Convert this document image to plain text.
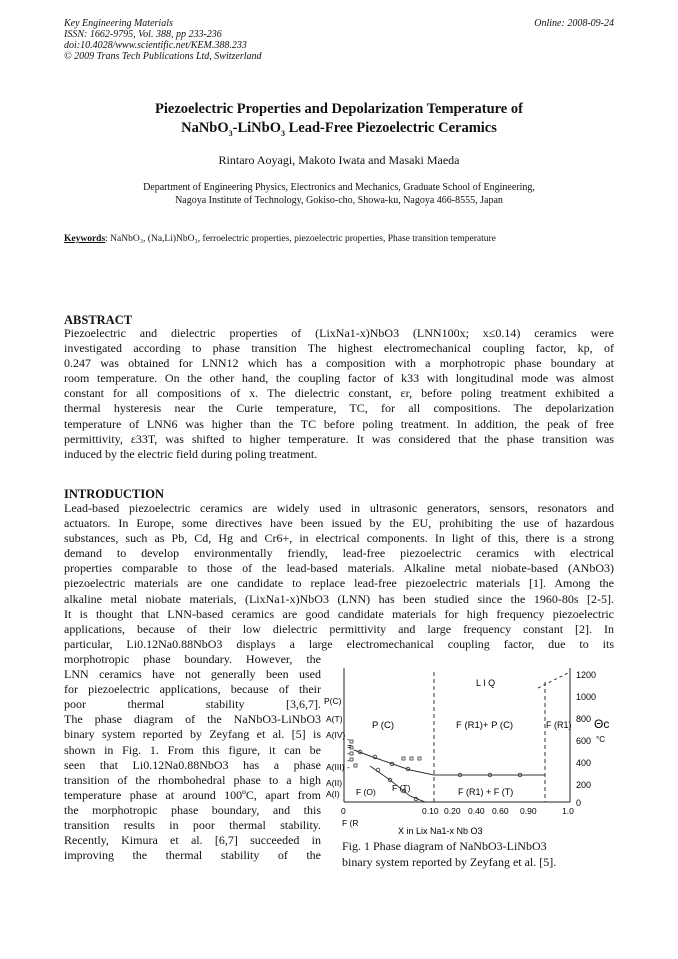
Key Engineering Materials
ISSN: 1662-9795, Vol. 388, pp 233-236
doi:10.4028/www.scientific.net/KEM.388.233
© 2009 Trans Tech Publications Ltd, Switzerland
Online: 2008-09-24
Piezoelectric Properties and Depolarization Temperature of
NaNbO$_3$-LiNbO$_3$ Lead-Free Piezoelectric Ceramics
Rintaro Aoyagi, Makoto Iwata and Masaki Maeda
Department of Engineering Physics, Electronics and Mechanics, Graduate School of Engineering,
Nagoya Institute of Technology, Gokiso-cho, Showa-ku, Nagoya 466-8555, Japan
Keywords: NaNbO₃, (Na,Li)NbO₃, ferroelectric properties, piezoelectric properties, Phase transition temperature
ABSTRACT
Piezoelectric and dielectric properties of (LixNa1-x)NbO3 (LNN100x; x≤0.14) ceramics were
investigated according to phase transition The highest electromechanical coupling factor, kp, of
0.247 was obtained for LNN12 which has a composition with a morphotropic phase boundary at
room temperature. On the other hand, the coupling factor of k33 with longitudinal mode was almost
constant for all compositions of x. The dielectric constant, εr, before poling treatment exhibited a
thermal hysteresis near the Curie temperature, TC, for all compositions. The depolarization
temperature of LNN6 was higher than the TC before poling treatment. In addition, the peak of free
permittivity, ε33T, was shifted to higher temperature. It was considered that the phase transition was
induced by the electric field during poling treatment.
INTRODUCTION
Lead-based piezoelectric ceramics are widely used in ultrasonic generators, sensors, resonators and
actuators. In Europe, some directives have been issued by the EU, prohibiting the use of hazardous
substances, such as Pb, Cd, Hg and Cr6+, in electrical components. In light of this, there is a strong
demand to develop environmentally friendly, lead-free piezoelectric ceramics with electrical
properties comparable to those of the lead-based materials. Alkaline metal niobate-based (ANbO3)
piezoelectric materials are one candidate to replace lead-free piezoelectric materials [1]. Among the
alkaline metal niobate materials, (LixNa1-x)NbO3 (LNN) has been studied since the 1960-80s [2-5].
It is thought that LNN-based ceramics are good candidate materials for high frequency piezoelectric
applications, because of their low dielectric permittivity and large frequency constant [2]. In
particular, Li0.12Na0.88NbO3 displays a large electromechanical coupling factor, due to its
morphotropic phase boundary. However, the
LNN ceramics have not generally been used
for piezoelectric applications, because of their
poor thermal stability [3,6,7].
The phase diagram of the NaNbO3-LiNbO3
binary system reported by Zeyfang et al. [5] is
shown in Fig. 1. From this figure, it can be
seen that Li0.12Na0.88NbO3 has a phase
transition of the rhombohedral phase to a high
temperature phase at around 100ºC, apart from
the morphotropic phase boundary, and this
transition results in poor thermal stability.
Recently, Kimura et al. [6,7] succeeded in
improving the thermal stability of the
P(C)
A(T)
A(IV)
A(III)
A(II)
A(I)
-
=
-
-
-
F (R
L I Q
P (C)	F (R1)+ P (C)	F (R1)
F (O) F (T)	F (R1) + F (T)
1200
1000
800
600
400
200
0
Θc
°C
0	0.10 0.20 0.40 0.60 0.90	1.0
X in Lix Na1-x Nb O3
Fig. 1 Phase diagram of NaNbO3-LiNbO3
binary system reported by Zeyfang et al. [5].
